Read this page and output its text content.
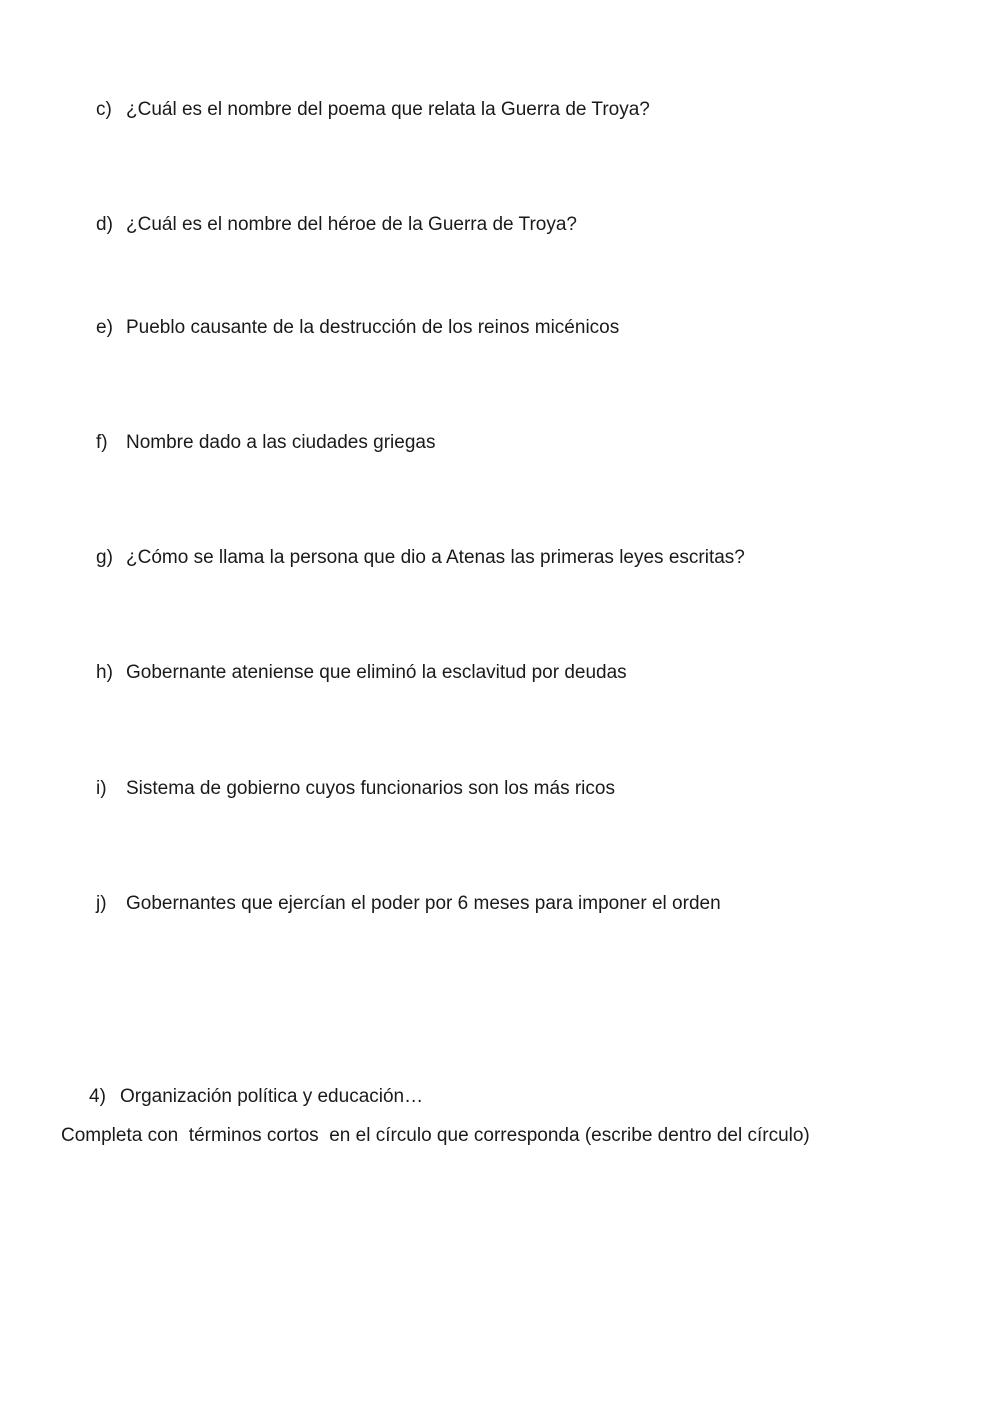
c) ¿Cuál es el nombre del poema que relata la Guerra de Troya?
d) ¿Cuál es el nombre del héroe de la Guerra de Troya?
e) Pueblo causante de la destrucción de los reinos micénicos
f) Nombre dado a las ciudades griegas
g) ¿Cómo se llama la persona que dio a Atenas las primeras leyes escritas?
h) Gobernante ateniense que eliminó la esclavitud por deudas
i) Sistema de gobierno cuyos funcionarios son los más ricos
j) Gobernantes que ejercían el poder por 6 meses para imponer el orden
4) Organización política y educación…
Completa con  términos cortos  en el círculo que corresponda (escribe dentro del círculo)
